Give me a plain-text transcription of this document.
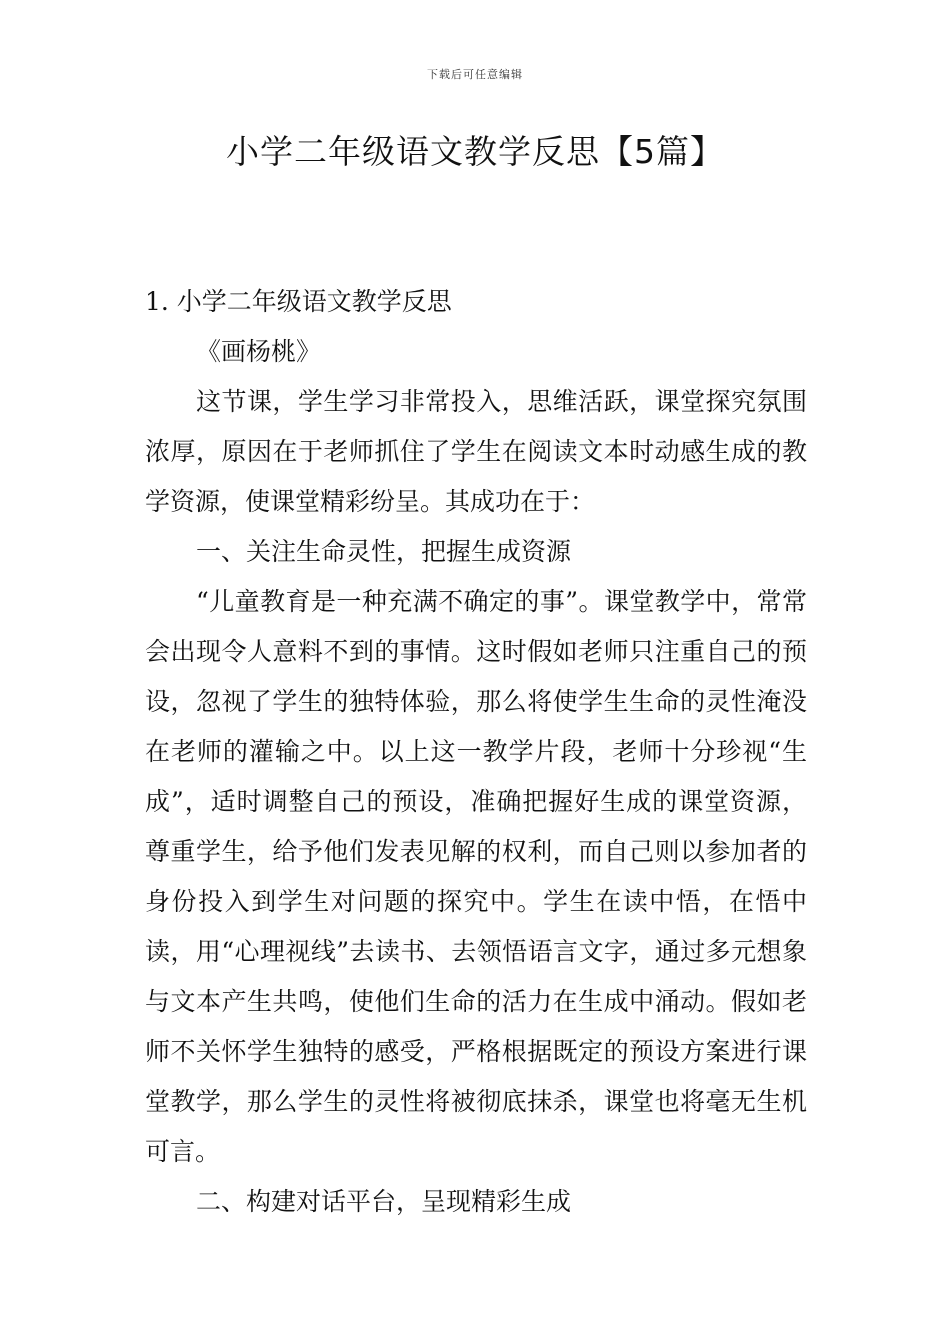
下载后可任意编辑
小学二年级语文教学反思【5篇】

1. 小学二年级语文教学反思

《画杨桃》

这节课，学生学习非常投入，思维活跃，课堂探究氛围浓厚，原因在于老师抓住了学生在阅读文本时动感生成的教学资源，使课堂精彩纷呈。其成功在于：

一、关注生命灵性，把握生成资源

“儿童教育是一种充满不确定的事”。课堂教学中，常常会出现令人意料不到的事情。这时假如老师只注重自己的预设，忽视了学生的独特体验，那么将使学生生命的灵性淹没在老师的灌输之中。以上这一教学片段，老师十分珍视“生成”，适时调整自己的预设，准确把握好生成的课堂资源，尊重学生，给予他们发表见解的权利，而自己则以参加者的身份投入到学生对问题的探究中。学生在读中悟，在悟中读，用“心理视线”去读书、去领悟语言文字，通过多元想象与文本产生共鸣，使他们生命的活力在生成中涌动。假如老师不关怀学生独特的感受，严格根据既定的预设方案进行课堂教学，那么学生的灵性将被彻底抹杀，课堂也将毫无生机可言。

二、构建对话平台，呈现精彩生成
